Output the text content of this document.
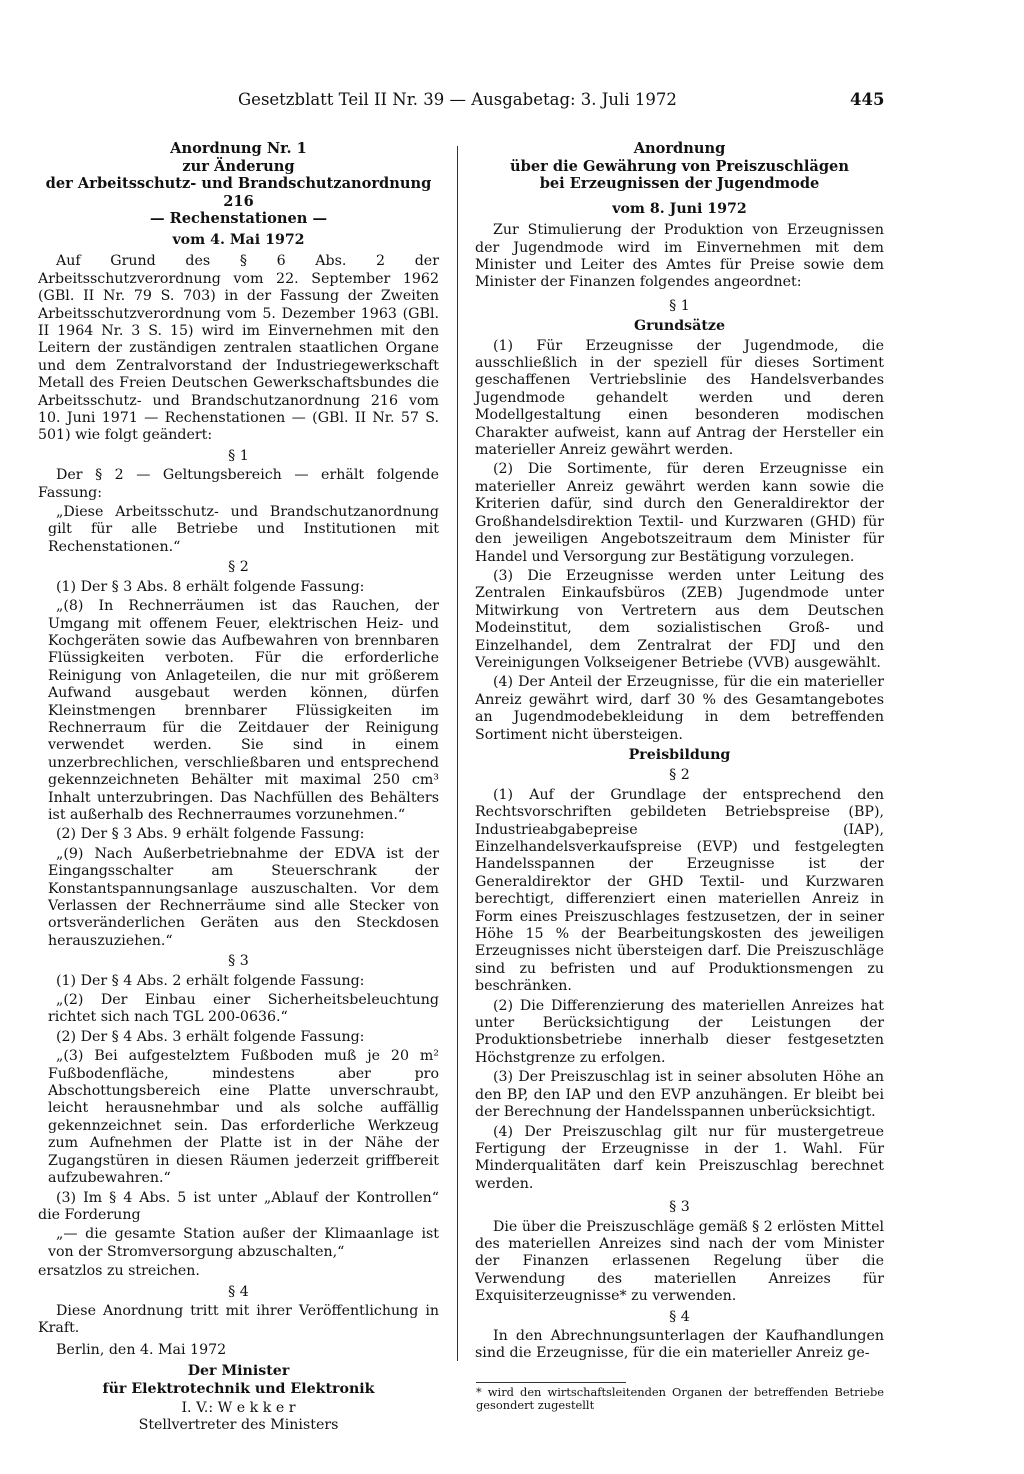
Gesetzblatt Teil II Nr. 39 — Ausgabetag: 3. Juli 1972	445
Anordnung Nr. 1
zur Änderung
der Arbeitsschutz- und Brandschutzanordnung 216
— Rechenstationen —
vom 4. Mai 1972

Auf Grund des § 6 Abs. 2 der Arbeitsschutzverordnung vom 22. September 1962 (GBl. II Nr. 79 S. 703) in der Fassung der Zweiten Arbeitsschutzverordnung vom 5. Dezember 1963 (GBl. II 1964 Nr. 3 S. 15) wird im Einvernehmen mit den Leitern der zuständigen zentralen staatlichen Organe und dem Zentralvorstand der Industriegewerkschaft Metall des Freien Deutschen Gewerkschaftsbundes die Arbeitsschutz- und Brandschutzanordnung 216 vom 10. Juni 1971 — Rechenstationen — (GBl. II Nr. 57 S. 501) wie folgt geändert:

§ 1

Der § 2 — Geltungsbereich — erhält folgende Fassung:

„Diese Arbeitsschutz- und Brandschutzanordnung gilt für alle Betriebe und Institutionen mit Rechenstationen.“

§ 2

(1) Der § 3 Abs. 8 erhält folgende Fassung:

„(8) In Rechnerräumen ist das Rauchen, der Umgang mit offenem Feuer, elektrischen Heiz- und Kochgeräten sowie das Aufbewahren von brennbaren Flüssigkeiten verboten. Für die erforderliche Reinigung von Anlageteilen, die nur mit größerem Aufwand ausgebaut werden können, dürfen Kleinstmengen brennbarer Flüssigkeiten im Rechnerraum für die Zeitdauer der Reinigung verwendet werden. Sie sind in einem unzerbrechlichen, verschließbaren und entsprechend gekennzeichneten Behälter mit maximal 250 cm³ Inhalt unterzubringen. Das Nachfüllen des Behälters ist außerhalb des Rechnerraumes vorzunehmen.“

(2) Der § 3 Abs. 9 erhält folgende Fassung:

„(9) Nach Außerbetriebnahme der EDVA ist der Eingangsschalter am Steuerschrank der Konstantspannungsanlage auszuschalten. Vor dem Verlassen der Rechnerräume sind alle Stecker von ortsveränderlichen Geräten aus den Steckdosen herauszuziehen.“

§ 3

(1) Der § 4 Abs. 2 erhält folgende Fassung:

„(2) Der Einbau einer Sicherheitsbeleuchtung richtet sich nach TGL 200-0636.“

(2) Der § 4 Abs. 3 erhält folgende Fassung:

„(3) Bei aufgestelztem Fußboden muß je 20 m² Fußbodenfläche, mindestens aber pro Abschottungsbereich eine Platte unverschraubt, leicht herausnehmbar und als solche auffällig gekennzeichnet sein. Das erforderliche Werkzeug zum Aufnehmen der Platte ist in der Nähe der Zugangstüren in diesen Räumen jederzeit griffbereit aufzubewahren.“

(3) Im § 4 Abs. 5 ist unter „Ablauf der Kontrollen“ die Forderung

„— die gesamte Station außer der Klimaanlage ist von der Stromversorgung abzuschalten,“

ersatzlos zu streichen.

§ 4

Diese Anordnung tritt mit ihrer Veröffentlichung in Kraft.

Berlin, den 4. Mai 1972

Der Minister
für Elektrotechnik und Elektronik
I. V.: W e k k e r
Stellvertreter des Ministers
Anordnung
über die Gewährung von Preiszuschlägen
bei Erzeugnissen der Jugendmode
vom 8. Juni 1972

Zur Stimulierung der Produktion von Erzeugnissen der Jugendmode wird im Einvernehmen mit dem Minister und Leiter des Amtes für Preise sowie dem Minister der Finanzen folgendes angeordnet:

§ 1
Grundsätze

(1) Für Erzeugnisse der Jugendmode, die ausschließlich in der speziell für dieses Sortiment geschaffenen Vertriebslinie des Handelsverbandes Jugendmode gehandelt werden und deren Modellgestaltung einen besonderen modischen Charakter aufweist, kann auf Antrag der Hersteller ein materieller Anreiz gewährt werden.

(2) Die Sortimente, für deren Erzeugnisse ein materieller Anreiz gewährt werden kann sowie die Kriterien dafür, sind durch den Generaldirektor der Großhandelsdirektion Textil- und Kurzwaren (GHD) für den jeweiligen Angebotszeitraum dem Minister für Handel und Versorgung zur Bestätigung vorzulegen.

(3) Die Erzeugnisse werden unter Leitung des Zentralen Einkaufsbüros (ZEB) Jugendmode unter Mitwirkung von Vertretern aus dem Deutschen Modeinstitut, dem sozialistischen Groß- und Einzelhandel, dem Zentralrat der FDJ und den Vereinigungen Volkseigener Betriebe (VVB) ausgewählt.

(4) Der Anteil der Erzeugnisse, für die ein materieller Anreiz gewährt wird, darf 30 % des Gesamtangebotes an Jugendmodebekleidung in dem betreffenden Sortiment nicht übersteigen.

Preisbildung
§ 2

(1) Auf der Grundlage der entsprechend den Rechtsvorschriften gebildeten Betriebspreise (BP), Industrieabgabepreise (IAP), Einzelhandelsverkaufspreise (EVP) und festgelegten Handelsspannen der Erzeugnisse ist der Generaldirektor der GHD Textil- und Kurzwaren berechtigt, differenziert einen materiellen Anreiz in Form eines Preiszuschlages festzusetzen, der in seiner Höhe 15 % der Bearbeitungskosten des jeweiligen Erzeugnisses nicht übersteigen darf. Die Preiszuschläge sind zu befristen und auf Produktionsmengen zu beschränken.

(2) Die Differenzierung des materiellen Anreizes hat unter Berücksichtigung der Leistungen der Produktionsbetriebe innerhalb dieser festgesetzten Höchstgrenze zu erfolgen.

(3) Der Preiszuschlag ist in seiner absoluten Höhe an den BP, den IAP und den EVP anzuhängen. Er bleibt bei der Berechnung der Handelsspannen unberücksichtigt.

(4) Der Preiszuschlag gilt nur für mustergetreue Fertigung der Erzeugnisse in der 1. Wahl. Für Minderqualitäten darf kein Preiszuschlag berechnet werden.

§ 3

Die über die Preiszuschläge gemäß § 2 erlösten Mittel des materiellen Anreizes sind nach der vom Minister der Finanzen erlassenen Regelung über die Verwendung des materiellen Anreizes für Exquisiterzeugnisse* zu verwenden.

§ 4

In den Abrechnungsunterlagen der Kaufhandlungen sind die Erzeugnisse, für die ein materieller Anreiz ge-

* wird den wirtschaftsleitenden Organen der betreffenden Betriebe gesondert zugestellt
